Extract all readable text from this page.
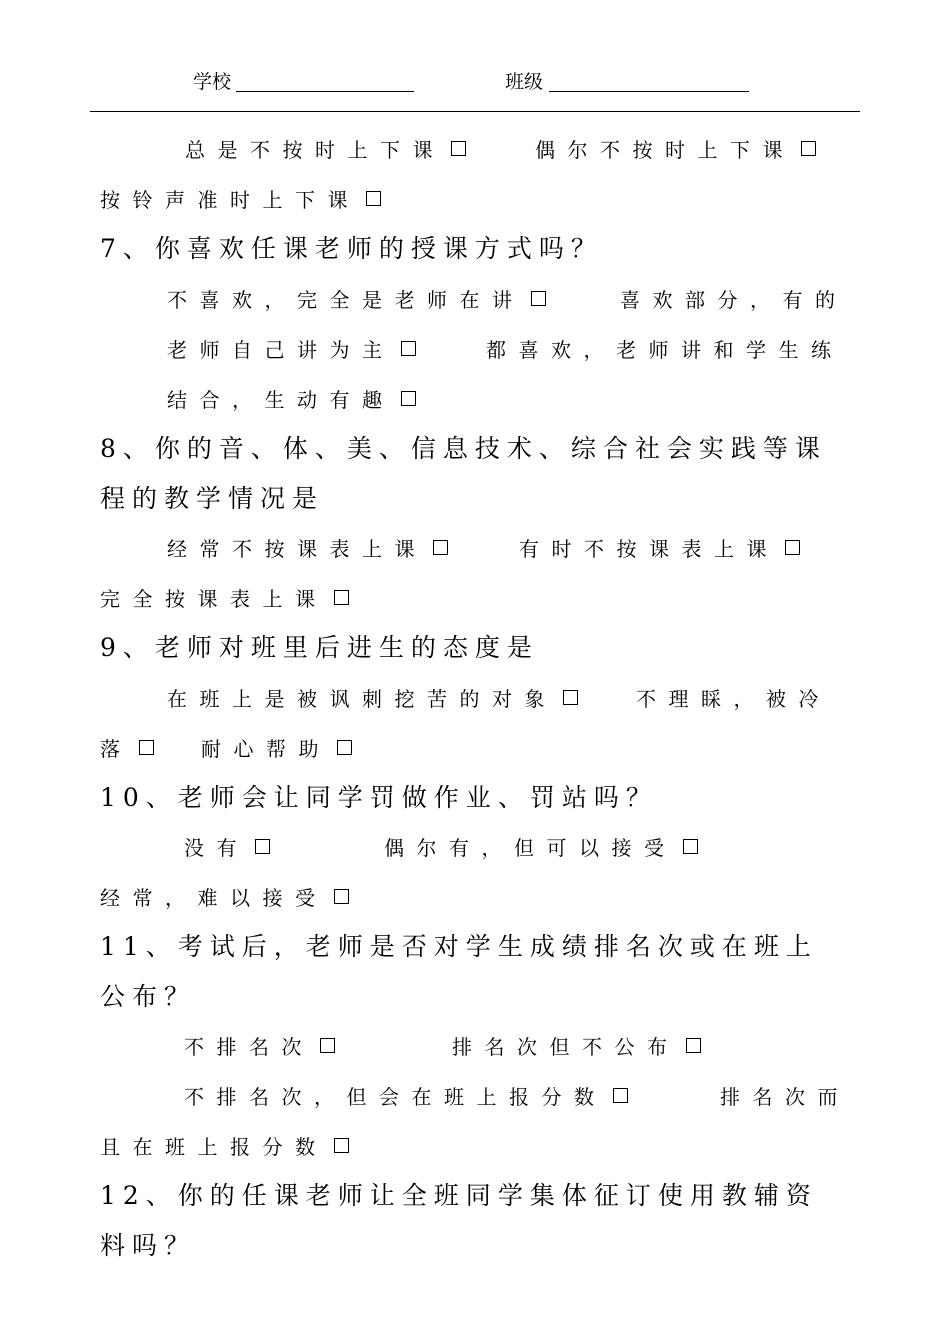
学校	班级
总是不按时上下课	偶尔不按时上下课
按铃声准时上下课
7、你喜欢任课老师的授课方式吗？
不喜欢，完全是老师在讲	喜欢部分，有的
老师自己讲为主	都喜欢，老师讲和学生练
结合，生动有趣
8、你的音、体、美、信息技术、综合社会实践等课
程的教学情况是
经常不按课表上课	有时不按课表上课
完全按课表上课
9、老师对班里后进生的态度是
在班上是被讽刺挖苦的对象	不理睬，被冷
落	耐心帮助
10、老师会让同学罚做作业、罚站吗？
没有	偶尔有，但可以接受
经常，难以接受
11、考试后，老师是否对学生成绩排名次或在班上
公布？
不排名次	排名次但不公布
不排名次，但会在班上报分数	排名次而
且在班上报分数
12、你的任课老师让全班同学集体征订使用教辅资
料吗？
